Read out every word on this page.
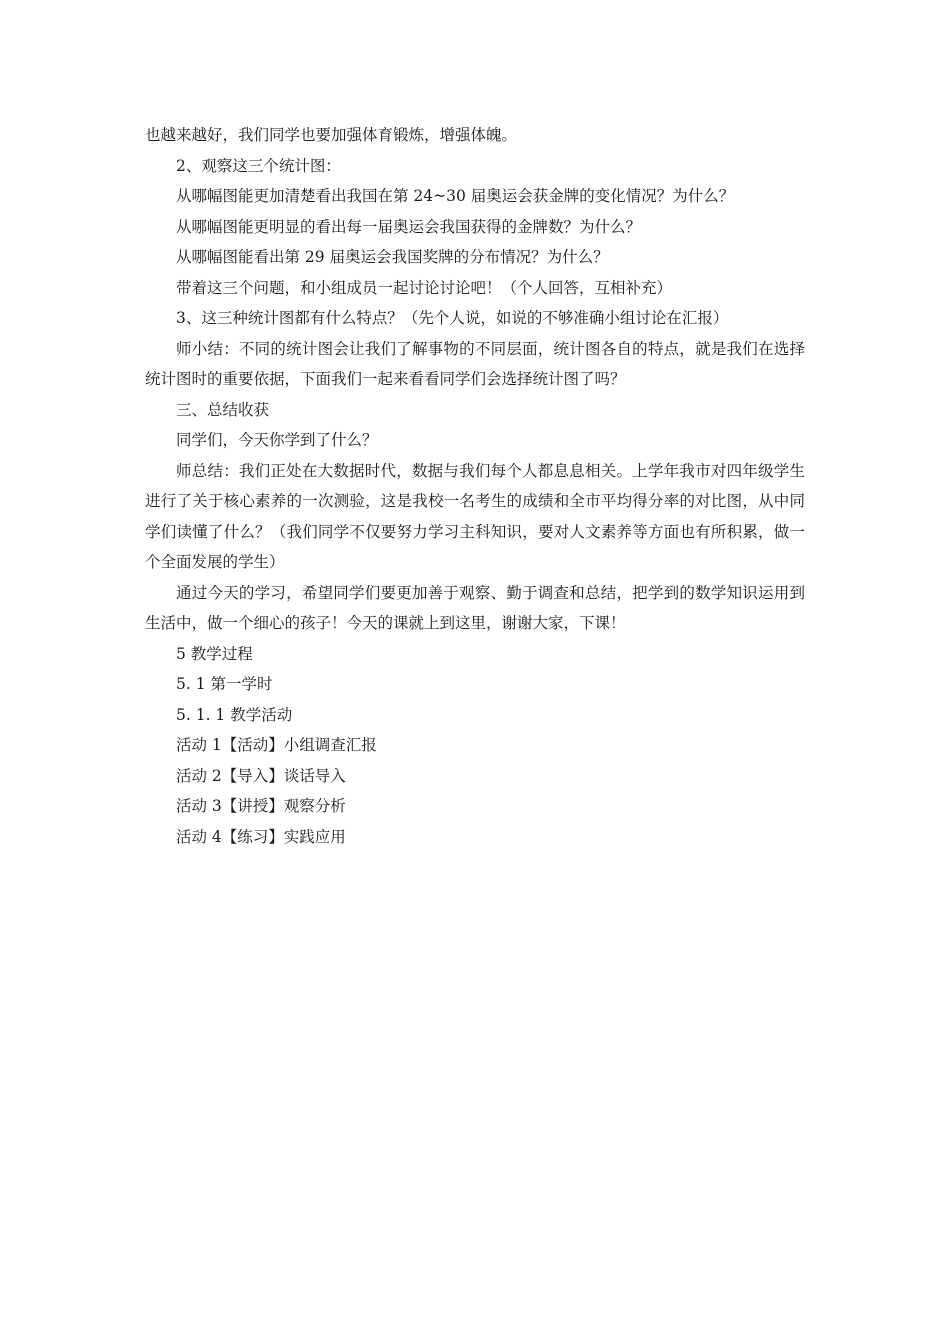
也越来越好，我们同学也要加强体育锻炼，增强体魄。

2、观察这三个统计图：

从哪幅图能更加清楚看出我国在第 24~30 届奥运会获金牌的变化情况？为什么？

从哪幅图能更明显的看出每一届奥运会我国获得的金牌数？为什么？

从哪幅图能看出第 29 届奥运会我国奖牌的分布情况？为什么？

带着这三个问题，和小组成员一起讨论讨论吧！（个人回答，互相补充）

3、这三种统计图都有什么特点？（先个人说，如说的不够准确小组讨论在汇报）

师小结：不同的统计图会让我们了解事物的不同层面，统计图各自的特点，就是我们在选择统计图时的重要依据，下面我们一起来看看同学们会选择统计图了吗？

三、总结收获

同学们，今天你学到了什么？

师总结：我们正处在大数据时代，数据与我们每个人都息息相关。上学年我市对四年级学生进行了关于核心素养的一次测验，这是我校一名考生的成绩和全市平均得分率的对比图，从中同学们读懂了什么？（我们同学不仅要努力学习主科知识，要对人文素养等方面也有所积累，做一个全面发展的学生）

通过今天的学习，希望同学们要更加善于观察、勤于调查和总结，把学到的数学知识运用到生活中，做一个细心的孩子！今天的课就上到这里，谢谢大家，下课！

5 教学过程

5. 1 第一学时

5. 1. 1 教学活动

活动 1【活动】小组调查汇报

活动 2【导入】谈话导入

活动 3【讲授】观察分析

活动 4【练习】实践应用
